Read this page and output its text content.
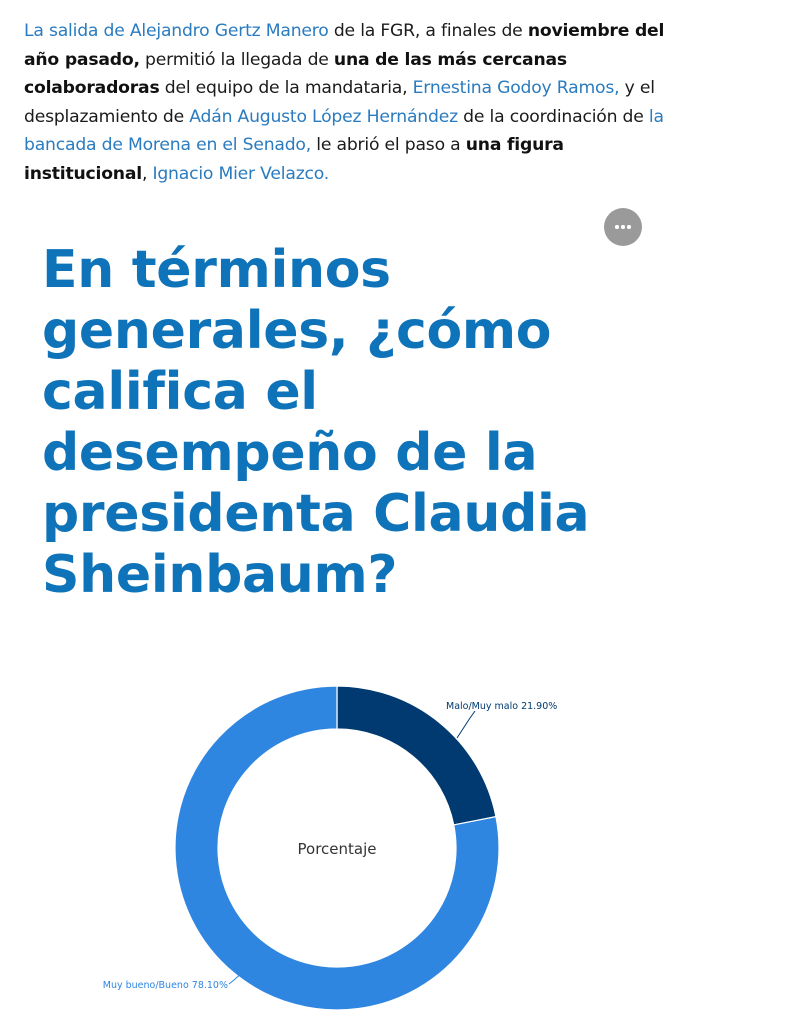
La salida de Alejandro Gertz Manero de la FGR, a finales de noviembre del año pasado, permitió la llegada de una de las más cercanas colaboradoras del equipo de la mandataria, Ernestina Godoy Ramos, y el desplazamiento de Adán Augusto López Hernández de la coordinación de la bancada de Morena en el Senado, le abrió el paso a una figura institucional, Ignacio Mier Velazco.

En términos generales, ¿cómo califica el desempeño de la presidenta Claudia Sheinbaum?
Malo/Muy malo 21.90%
Muy bueno/Bueno 78.10%
Porcentaje
